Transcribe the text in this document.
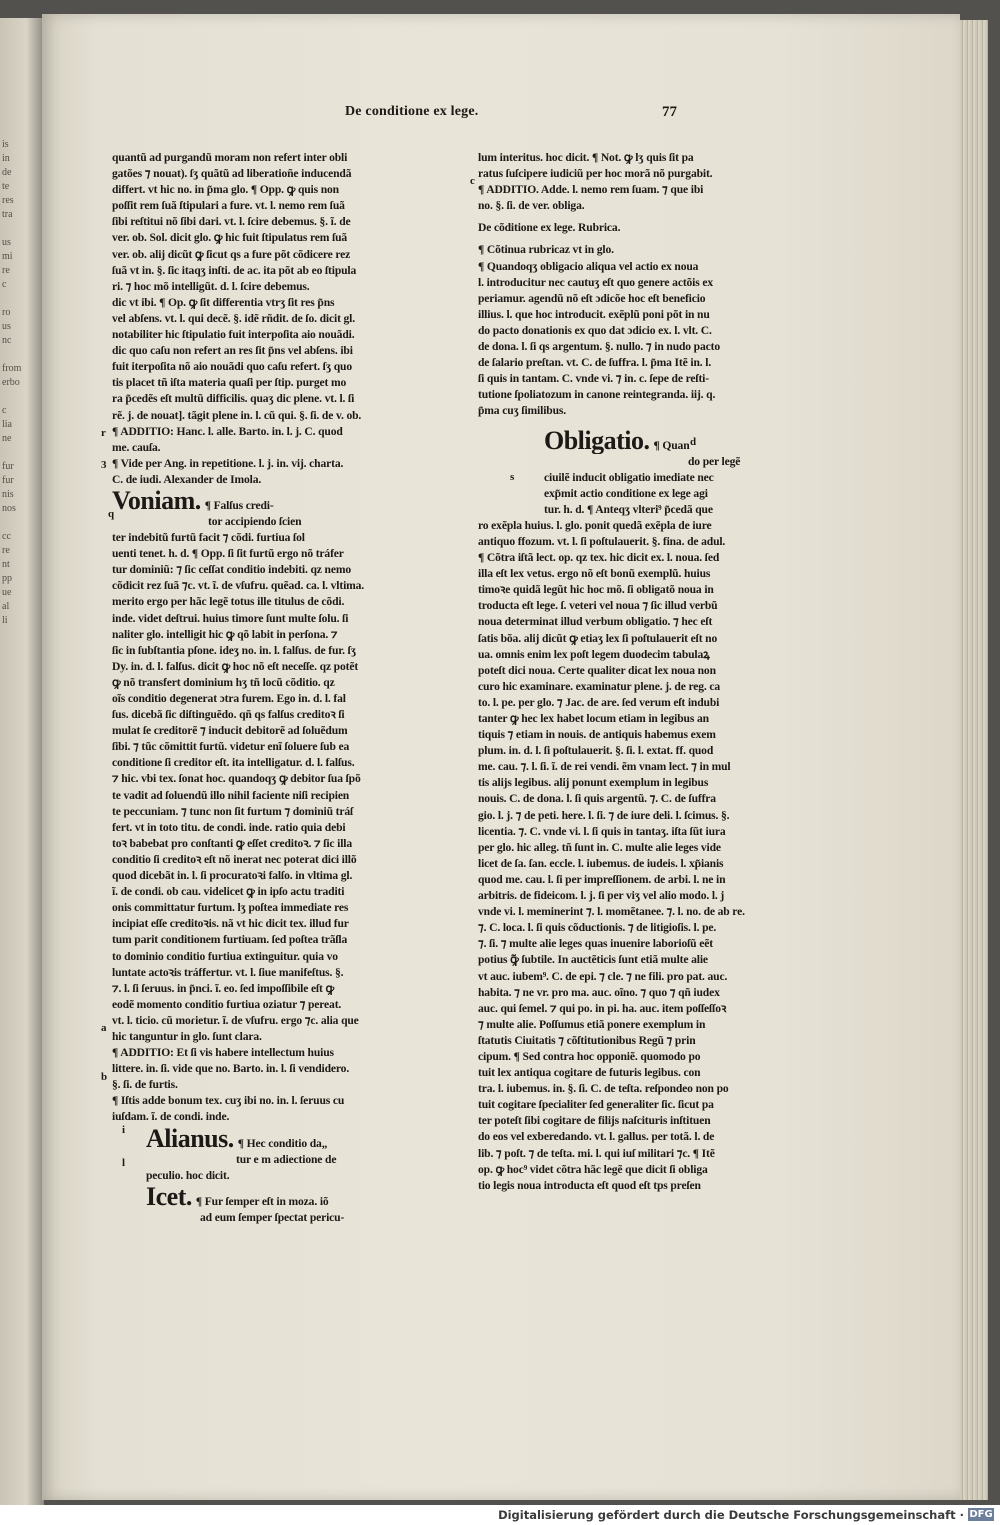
is
in
de
te
res
tra

us
mi
re
c

ro
us
nc

from
erbo

c
lia
ne

fur
fur
nis
nos

cc
re
nt
pp
ue
al
li
De conditione ex lege.	77

quantũ ad purgandũ moram non refert inter obli

gatões ⁊ nouat). ſʒ quãtũ ad liberatioñe inducendã

differt. vt hic no. in p̃ma glo. ¶ Opp. ꝙ quis non

poſſit rem ſuã ſtipulari a fure. vt. l. nemo rem ſuã

ſibi reſtitui nõ ſibi dari. vt. l. ſcire debemus. §. ĩ. de

ver. ob. Sol. dicit glo. ꝙ hic fuit ſtipulatus rem ſuã

ver. ob. alij dicũt ꝙ ſicut qs a fure põt cõdicere rez

ſuã vt in. §. ſic itaqʒ inſti. de ac. ita põt ab eo ſtipula

ri. ⁊ hoc mõ intelligũt. d. l. ſcire debemus.

dic vt ibi. ¶ Op. ꝙ ſit differentia vtrʒ ſit res p̃ns

vel abſens. vt. l. qui decẽ. §. idẽ rñdit. de ſo. dicit gl.

notabiliter hic ſtipulatio fuit interpoſita aio nouãdi.

dic quo caſu non refert an res ſit p̃ns vel abſens. ibi

fuit iterpoſita nõ aio nouãdi quo caſu refert. ſʒ quo

tis placet tñ iſta materia quaſi per ſtip. purget mo

ra p̃cedẽs eſt multũ difficilis. quaʒ dic plene. vt. l. ſi

rẽ. j. de nouat]. tãgit plene in. l. cũ qui. §. ſi. de v. ob.

¶ ADDITIO: Hanc. l. alle. Barto. in. l. j. C. quod

me. cauſa.

¶ Vide per Ang. in repetitione. l. j. in. vij. charta.

C. de iudi. Alexander de Imola.

Voniam. ¶ Falſus credi-

tor accipiendo ſcien

ter indebitũ furtũ facit ⁊ cõdi. furtiua ſol

uenti tenet. h. d. ¶ Opp. ſi ſit furtũ ergo nõ tráfer

tur dominiũ: ⁊ ſic ceſſat conditio indebiti. qz nemo

cõdicit rez ſuã ⁊c. vt. ĩ. de vſufru. quẽad. ca. l. vltima.

merito ergo per hãc legẽ totus ille titulus de cõdi.

inde. videt deſtrui. huius timore ſunt multe ſolu. ſi

naliter glo. intelligit hic ꝙ qõ labit in perſona. ⁊

ſic in ſubſtantia pſone. ideʒ no. in. l. falſus. de fur. ſʒ

Dy. in. d. l. falſus. dicit ꝙ hoc nõ eſt neceſſe. qz potẽt

ꝙ nõ transfert dominium hʒ tñ locũ cõditio. qz

oĩs conditio degenerat ɔtra furem. Ego in. d. l. fal

ſus. dicebã ſic diſtinguẽdo. qñ qs falſus creditoꝛ ſi

mulat ſe creditorẽ ⁊ inducit debitorẽ ad ſoluẽdum

ſibi. ⁊ tũc cõmittit furtũ. videtur enĩ ſoluere ſub ea

conditione ſi creditor eſt. ita intelligatur. d. l. falſus.

⁊ hic. vbi tex. ſonat hoc. quandoqʒ ꝙ debitor ſua ſpõ

te vadit ad ſoluendũ illo nihil faciente niſi recipien

te peccuniam. ⁊ tunc non ſit furtum ⁊ dominiũ tráſ

fert. vt in toto titu. de condi. inde. ratio quia debi

toꝛ babebat pro conſtanti ꝙ eſſet creditoꝛ. ⁊ ſic illa

conditio ſi creditoꝛ eſt nõ inerat nec poterat dici illõ

quod dicebãt in. l. ſi procuratoꝛi falſo. in vltima gl.

ĩ. de condi. ob cau. videlicet ꝙ in ipſo actu traditi

onis committatur furtum. lʒ poſtea immediate res

incipiat eſſe creditoꝛis. nã vt hic dicit tex. illud fur

tum parit conditionem furtiuam. ſed poſtea trãſla

to dominio conditio furtiua extinguitur. quia vo

luntate actoꝛis tráffertur. vt. l. ſiue manifeſtus. §.

⁊. l. ſi ſeruus. in p̃nci. ĩ. eo. ſed impoſſibile eſt ꝙ

eodẽ momento conditio furtiua oziatur ⁊ pereat.

vt. l. ticio. cũ moɾietur. ĩ. de vſufru. ergo ⁊c. alia que

hic tanguntur in glo. ſunt clara.

¶ ADDITIO: Et ſi vis habere intellectum huius

littere. in. ſi. vide que no. Barto. in. l. ſi vendidero.

§. ſi. de furtis.

¶ Iſtis adde bonum tex. cuʒ ibi no. in. l. ſeruus cu

iuſdam. ĩ. de condi. inde.

Alianus. ¶ Hec conditio da„

tur e m adiectione de

peculio. hoc dicit.

Icet. ¶ Fur ſemper eſt in moza. iõ

ad eum ſemper ſpectat pericu-

lum interitus. hoc dicit. ¶ Not. ꝙ lʒ quis ſit pa

ratus ſuſcipere iudiciũ per hoc morã nõ purgabit.

¶ ADDITIO. Adde. l. nemo rem ſuam. ⁊ que ibi

no. §. ſi. de ver. obliga.

De cõditione ex lege. Rubrica.

¶ Cõtinua rubricaz vt in glo.

¶ Quandoqʒ obligacio aliqua vel actio ex noua

l. introducitur nec cautuʒ eſt quo genere actõis ex

periamur. agendũ nõ eſt ɔdicõe hoc eſt beneficio

illius. l. que hoc introducit. exẽplũ poni põt in nu

do pacto donationis ex quo dat ɔdicio ex. l. vlt. C.

de dona. l. ſi qs argentum. §. nullo. ⁊ in nudo pacto

de ſalario preſtan. vt. C. de ſuffra. l. p̃ma Itẽ in. l.

ſi quis in tantam. C. vnde vi. ⁊ in. c. ſepe de reſti-

tutione ſpoliatozum in canone reintegranda. iij. q.

p̃ma cuʒ ſimilibus.

Obligatio. ¶ Quan

do per legẽ

ciuilẽ inducit obligatio imediate nec

exp̃mit actio conditione ex lege agi

tur. h. d. ¶ Anteqʒ vlteri⁹ p̃cedã que

ro exẽpla huius. l. glo. ponit quedã exẽpla de iure

antiquo ffozum. vt. l. ſi poſtulauerit. §. fina. de adul.

¶ Cõtra iſtã lect. op. qz tex. hic dicit ex. l. noua. ſed

illa eſt lex vetus. ergo nõ eſt bonũ exemplũ. huius

timoꝛe quidã legũt hic hoc mõ. ſi obligatõ noua in

troducta eſt lege. ſ. veteri vel noua ⁊ ſic illud verbũ

noua determinat illud verbum obligatio. ⁊ hec eſt

ſatis bõa. alij dicũt ꝙ etiaʒ lex ſi poſtulauerit eſt no

ua. omnis enim lex poſt legem duodecim tabulaꝝ

poteſt dici noua. Certe qualiter dicat lex noua non

curo hic examinare. examinatur plene. j. de reg. ca

to. l. pe. per glo. ⁊ Jac. de are. ſed verum eſt indubi

tanter ꝙ hec lex habet locum etiam in legibus an

tiquis ⁊ etiam in nouis. de antiquis habemus exem

plum. in. d. l. ſi poſtulauerit. §. ſi. l. extat. ff. quod

me. cau. ⁊. l. ſi. ĩ. de rei vendi. ẽm vnam lect. ⁊ in mul

tis alijs legibus. alij ponunt exemplum in legibus

nouis. C. de dona. l. ſi quis argentũ. ⁊. C. de ſuffra

gio. l. j. ⁊ de peti. here. l. ſi. ⁊ de iure deli. l. ſcimus. §.

licentia. ⁊. C. vnde vi. l. ſi quis in tantaʒ. iſta ſũt iura

per glo. hic alleg. tñ ſunt in. C. multe alie leges vide

licet de ſa. ſan. eccle. l. iubemus. de iudeis. l. xp̃ianis

quod me. cau. l. ſi per impreſſionem. de arbi. l. ne in

arbitris. de fideicom. l. j. ſi per viʒ vel alio modo. l. j

vnde vi. l. meminerint ⁊. l. momẽtanee. ⁊. l. no. de ab re.

⁊. C. loca. l. ſi quis cõductionis. ⁊ de litigioſis. l. pe.

⁊. ſi. ⁊ multe alie leges quas inuenire laborioſũ eẽt

potius ꝙ̃ ſubtile. In auctẽticis ſunt etiã multe alie

vt auc. iubem⁹. C. de epi. ⁊ cle. ⁊ ne fili. pro pat. auc.

habita. ⁊ ne vr. pro ma. auc. oĩno. ⁊ quo ⁊ qñ iudex

auc. qui ſemel. ⁊ qui po. in pi. ha. auc. item poſſeſſoꝛ

⁊ multe alie. Poſſumus etiã ponere exemplum in

ſtatutis Ciuitatis ⁊ cõſtitutionibus Regũ ⁊ prin

cipum. ¶ Sed contra hoc opponiẽ. quomodo po

tuit lex antiqua cogitare de futuris legibus. con

tra. l. iubemus. in. §. ſi. C. de teſta. reſpondeo non po

tuit cogitare ſpecialiter ſed generaliter ſic. ſicut pa

ter poteſt ſibi cogitare de filijs naſcituris inſtituen

do eos vel exberedando. vt. l. gallus. per totã. l. de

lib. ⁊ poſt. ⁊ de teſta. mi. l. qui iuſ militari ⁊c. ¶ Itẽ

op. ꝙ hoc⁹ videt cõtra hãc legẽ que dicit ſi obliga

tio legis noua introducta eſt quod eſt tps preſen

r
3
q
a
b
i
l
s
c
d
Digitalisierung gefördert durch die Deutsche Forschungsgemeinschaft · DFG
